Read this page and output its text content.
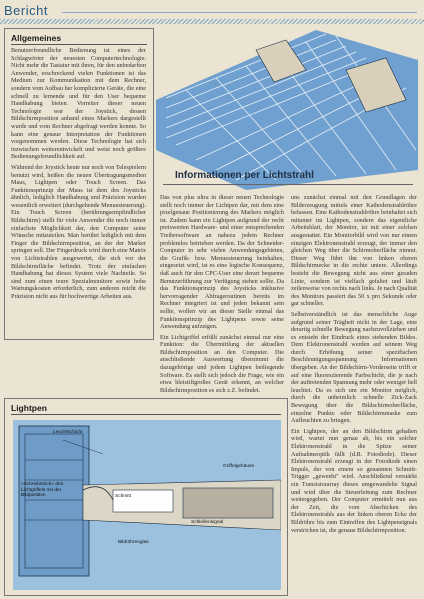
Bericht
Allgemeines

Benutzerfreundliche Bedienung ist eines der Schlagwörter der neuesten Computertechnologie. Nicht mehr die Tastatur mit ihren, für den unbedarften Anwender, erschreckend vielen Funktionen ist das Medium zur Kommunikation mit dem Rechner, sondern vom Aufbau her komplizierte Geräte, die eine schnell zu lernende und für den User bequeme Handhabung bieten. Vorreiter dieser neuen Technologie war der Joystick, dessen Bildschirmposition anhand eines Markers dargestellt wurde und vom Rechner abgefragt werden konnte. So kann eine genaue Interpretation der Funktionen vorgenommen werden. Diese Technologie hat sich inzwischen weiterentwickelt und weist noch größere Bedienungsfreundlichkeit auf.

Während der Joystick heute nur noch von Telespielern benutzt wird, heißen die neuen Übertragungsmedien Maus, Lightpen oder Touch Screen. Das Funktionsprinzip der Maus ist dem des Joysticks ähnlich, lediglich Handhabung und Präzision wurden wesentlich erweitert (durchgehende Menuesteuerung). Ein Touch Screen (berührungsempfindlicher Bildschirm) stellt für viele Anwender die noch immer einfachste Möglichkeit dar, den Computer seine Wünsche mitzuteilen. Man berührt lediglich mit dem Finger die Bildschirmposition, an der der Marker springen soll. Der Fingerdruck wird durch eine Matrix von Lichtstrahlen ausgewertet, die sich vor der Bildschirmfläche befindet. Trotz der einfachen Handhabung hat dieses System viele Nachteile. So sind zum einen teure Spezialmonitore sowie hohe Wartungskosten erforderlich, zum anderen reicht die Präzision nicht aus für hochwertige Arbeiten aus.

Informationen per Lichtstrahl

Das von plus ultra in dieser neuen Technologie stellt noch immer der Lichtpen dar, mit dem eine pixelgenaue Positionierung des Markers möglich ist. Zudem kann ein Lightpen aufgrund der recht preiswerten Hardware- und einer entsprechenden Treibersoftware an nahezu jedem Rechner problemlos betrieben werden. Da der Schneider-Computer in sehr vielen Anwendungsgebieten, die Grafik- bzw. Menuesteuerung beinhalten, eingesetzt wird, ist es eine logische Konsequenz, daß auch für den CPC-User eine derart bequeme Benutzerführung zur Verfügung stehen sollte. Da das Funktionsprinzip des Joysticks inklusive hervorragender Abfrageroutinen bereits im Rechner integriert ist und jeden bekannt sein sollte, wollen wir an dieser Stelle einmal das Funktionsprinzip des Lightpens sowie seine Anwendung aufzeigen.

Ein Lichtgriffel erfüllt zunächst einmal nur eine Funktion: die Übermittlung der aktuellen Bildschirmposition an den Computer. Die anschließende Auswertung übernimmt die dazugehörige und jedem Lightpen beiliegende Software. Es stellt sich jedoch die Frage, wie ein etwa bleistiftgroßes Gerät erkennt, an welcher Bildschirmposition es sich z.Z. befindet.

uns zunächst einmal mit den Grundlagen der Bilderzeugung mittels einer Kathodenstrahlröhre befassen. Eine Kathodenstrahlröhre beinhaltet sich mitunter im Lightpen, sondern das eigentliche Arbeitsblatt, der Monitor, ist mit einer solchen ausgestattet. Ein Monitorbild wird von nur einem einzigen Elektronenstrahl erzeugt, der immer den gleichen Weg über die Schirmoberfläche nimmt. Dieser Weg führt ihn von linken oberen Bildschirmecke in die rechte untere. Allerdings besteht die Bewegung nicht aus einer geraden Linie, sondern ist vielfach gefaltet und läuft zeilenweise von rechts nach links. Je nach Qualität des Monitors passiert das 50 x pro Sekunde oder gar schneller.

Selbstverständlich ist das menschliche Auge aufgrund seiner Trägheit nicht in der Lage, eine derartig schnelle Bewegung nachzuvollziehen und es entsteht der Eindruck eines stehenden Bildes. Dem Elektronenstrahl werden auf seinem Weg durch Erhöhung seiner spezifischen Beschleunigungsspannung Informationen übergeben. An der Bildschirm-Vorderseite trifft er auf eine fluoreszierende Farbschicht, die je nach der auftretenden Spannung mehr oder weniger hell leuchtet. Da es sich um ein Monitor möglich, durch die unheimlich schnelle Zick-Zack Bewegung über die Bildschirmoberfläche, einzelne Punkte oder Bildschirmmaske zum Aufleuchten zu bringen.

Ein Lightpen, der an den Bildschirm gehalten wird, wartet nun genau ab, bis ein solcher Elektronenstrahl in die Spitze seiner Aufnahmeoptik fällt (d.R. Fotodiode). Dieser Elektronenstrahl erzeugt in der Fotodiode einen Impuls, der von einem so genannten Schmitt-Trigger „geweebt" wird. Anschließend verstärkt ein Transistorarray dieses umgewandelte Signal und wird über die Steuerleitung zum Rechner weitergegeben. Der Computer ermittelt nun aus der Zeit, die vom Abschicken des Elektronenstrahls aus der linken oberen Ecke der Bildröhre bis zum Eintreffen des Lightpensignals verstrichen ist, die genaue Bildschirmposition.

Lightpen
Leuchtschicht
Griffelgehäuse
Schmitt
Schleifensignal
Bildröhrenglas
»Schreibstrich« des Lichtgriffels mit der Bildposition
